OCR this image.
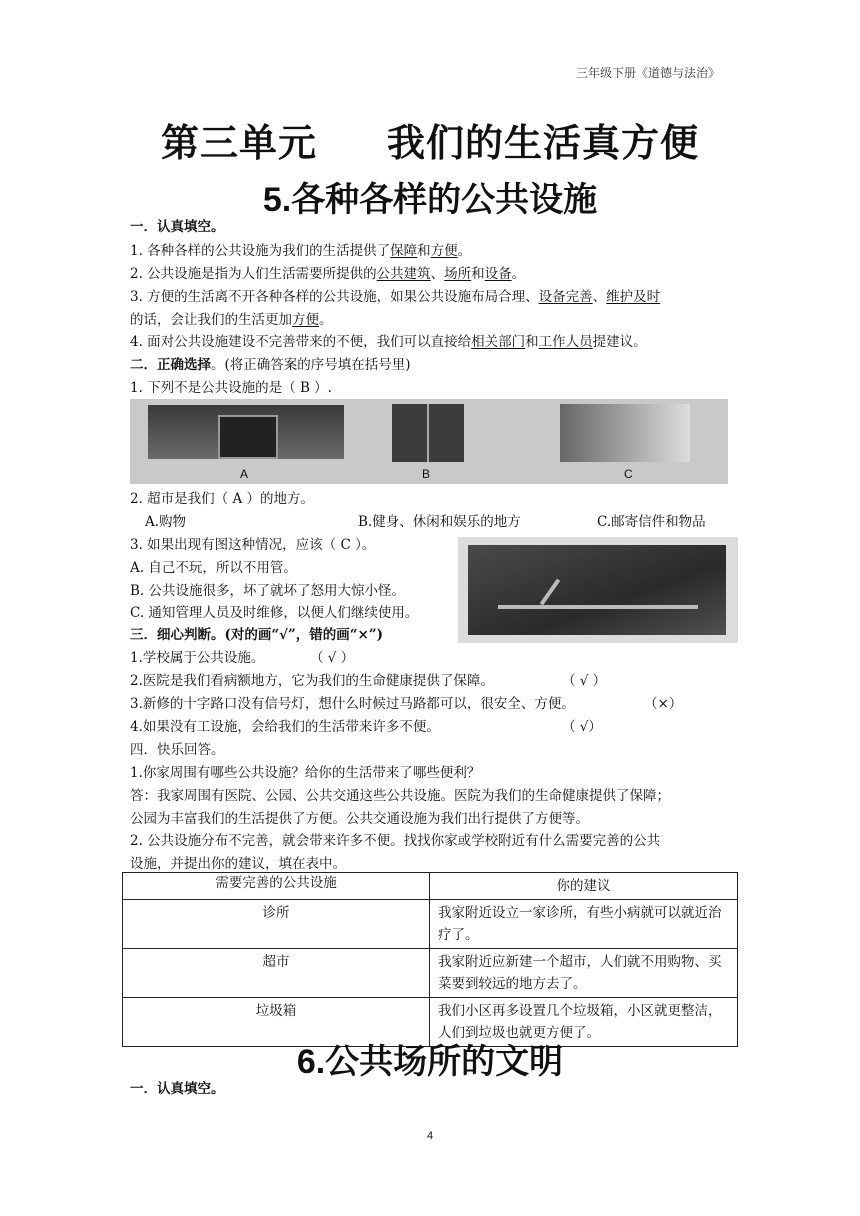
三年级下册《道德与法治》
第三单元 我们的生活真方便
5.各种各样的公共设施
一．认真填空。
1. 各种各样的公共设施为我们的生活提供了保障和方便。
2. 公共设施是指为人们生活需要所提供的公共建筑、场所和设备。
3. 方便的生活离不开各种各样的公共设施，如果公共设施布局合理、设备完善、维护及时
的话，会让我们的生活更加方便。
4. 面对公共设施建设不完善带来的不便，我们可以直接给相关部门和工作人员提建议。
二．正确选择。(将正确答案的序号填在括号里)
1. 下列不是公共设施的是（ B ）.
A	B	C
2. 超市是我们（ A ）的地方。
A.购物	B.健身、休闲和娱乐的地方	C.邮寄信件和物品
3. 如果出现有图这种情况，应该（ C ）。
A. 自己不玩，所以不用管。
B. 公共设施很多，坏了就坏了怒用大惊小怪。
C. 通知管理人员及时维修，以便人们继续使用。
三．细心判断。(对的画“√”，错的画“×”)
1.学校属于公共设施。	（ √ ）
2.医院是我们看病额地方，它为我们的生命健康提供了保障。	（ √ ）
3.新修的十字路口没有信号灯，想什么时候过马路都可以，很安全、方便。	（×）
4.如果没有工设施，会给我们的生活带来许多不便。	（ √）
四．快乐回答。
1.你家周围有哪些公共设施？给你的生活带来了哪些便利？
答：我家周围有医院、公园、公共交通这些公共设施。医院为我们的生命健康提供了保障；
公园为丰富我们的生活提供了方便。公共交通设施为我们出行提供了方便等。
2. 公共设施分布不完善，就会带来许多不便。找找你家或学校附近有什么需要完善的公共
设施，并提出你的建议，填在表中。
需要完善的公共设施	你的建议
诊所	我家附近设立一家诊所，有些小病就可以就近治疗了。
超市	我家附近应新建一个超市，人们就不用购物、买菜要到较远的地方去了。
垃圾箱	我们小区再多设置几个垃圾箱，小区就更整洁，人们到垃圾也就更方便了。
6.公共场所的文明
一．认真填空。
4
